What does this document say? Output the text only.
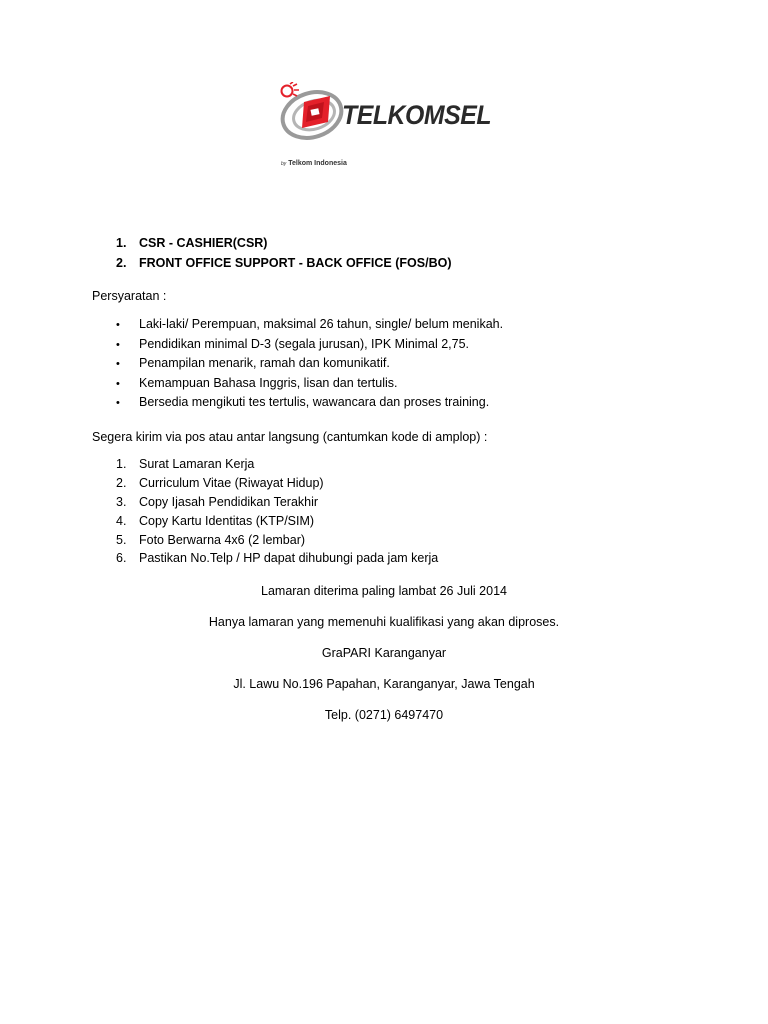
TELKOMSEL
by Telkom Indonesia
1. CSR - CASHIER(CSR)
2. FRONT OFFICE SUPPORT - BACK OFFICE (FOS/BO)
Persyaratan :
• Laki-laki/ Perempuan, maksimal 26 tahun, single/ belum menikah.
• Pendidikan minimal D-3 (segala jurusan), IPK Minimal 2,75.
• Penampilan menarik, ramah dan komunikatif.
• Kemampuan Bahasa Inggris, lisan dan tertulis.
• Bersedia mengikuti tes tertulis, wawancara dan proses training.
Segera kirim via pos atau antar langsung (cantumkan kode di amplop) :
1. Surat Lamaran Kerja
2. Curriculum Vitae (Riwayat Hidup)
3. Copy Ijasah Pendidikan Terakhir
4. Copy Kartu Identitas (KTP/SIM)
5. Foto Berwarna 4x6 (2 lembar)
6. Pastikan No.Telp / HP dapat dihubungi pada jam kerja
Lamaran diterima paling lambat 26 Juli 2014
Hanya lamaran yang memenuhi kualifikasi yang akan diproses.
GraPARI Karanganyar
Jl. Lawu No.196 Papahan, Karanganyar, Jawa Tengah
Telp. (0271) 6497470
